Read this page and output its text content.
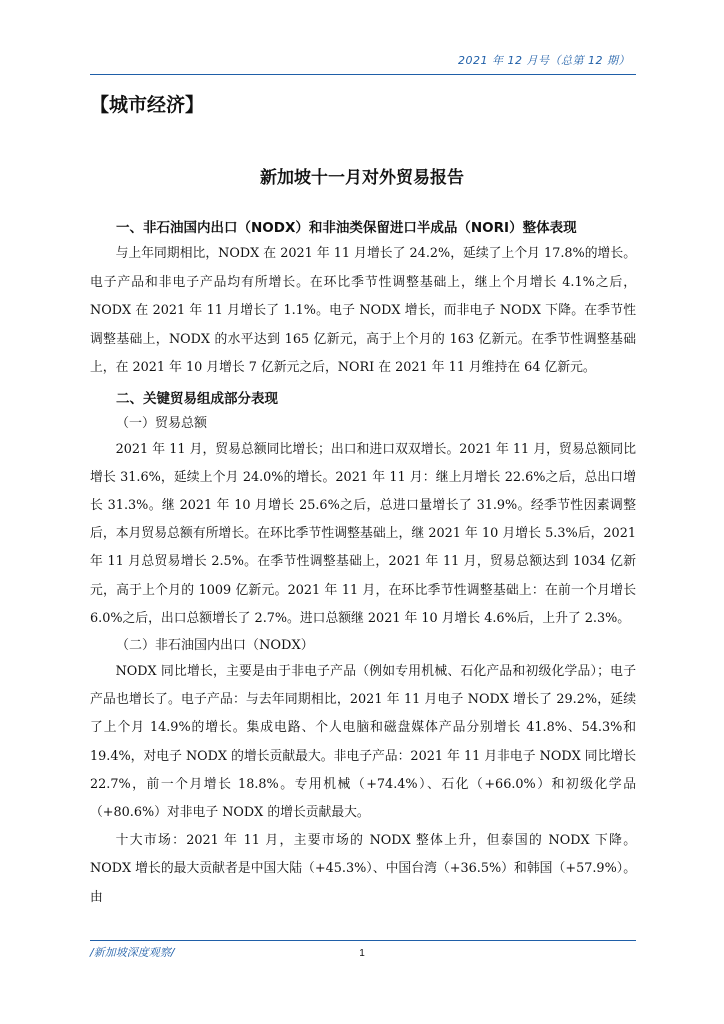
2021 年 12 月号（总第 12 期）
【城市经济】
新加坡十一月对外贸易报告

一、非石油国内出口（NODX）和非油类保留进口半成品（NORI）整体表现

与上年同期相比，NODX 在 2021 年 11 月增长了 24.2%，延续了上个月 17.8%的增长。电子产品和非电子产品均有所增长。在环比季节性调整基础上，继上个月增长 4.1%之后，NODX 在 2021 年 11 月增长了 1.1%。电子 NODX 增长，而非电子 NODX 下降。在季节性调整基础上，NODX 的水平达到 165 亿新元，高于上个月的 163 亿新元。在季节性调整基础上，在 2021 年 10 月增长 7 亿新元之后，NORI 在 2021 年 11 月维持在 64 亿新元。

二、关键贸易组成部分表现

（一）贸易总额

2021 年 11 月，贸易总额同比增长；出口和进口双双增长。2021 年 11 月，贸易总额同比增长 31.6%，延续上个月 24.0%的增长。2021 年 11 月：继上月增长 22.6%之后，总出口增长 31.3%。继 2021 年 10 月增长 25.6%之后，总进口量增长了 31.9%。经季节性因素调整后，本月贸易总额有所增长。在环比季节性调整基础上，继 2021 年 10 月增长 5.3%后，2021 年 11 月总贸易增长 2.5%。在季节性调整基础上，2021 年 11 月，贸易总额达到 1034 亿新元，高于上个月的 1009 亿新元。2021 年 11 月，在环比季节性调整基础上：在前一个月增长 6.0%之后，出口总额增长了 2.7%。进口总额继 2021 年 10 月增长 4.6%后，上升了 2.3%。

（二）非石油国内出口（NODX）

NODX 同比增长，主要是由于非电子产品（例如专用机械、石化产品和初级化学品）；电子产品也增长了。电子产品：与去年同期相比，2021 年 11 月电子 NODX 增长了 29.2%，延续了上个月 14.9%的增长。集成电路、个人电脑和磁盘媒体产品分别增长 41.8%、54.3%和 19.4%，对电子 NODX 的增长贡献最大。非电子产品：2021 年 11 月非电子 NODX 同比增长 22.7%，前一个月增长 18.8%。专用机械（+74.4%）、石化（+66.0%）和初级化学品（+80.6%）对非电子 NODX 的增长贡献最大。

十大市场：2021 年 11 月，主要市场的 NODX 整体上升，但泰国的 NODX 下降。NODX 增长的最大贡献者是中国大陆（+45.3%）、中国台湾（+36.5%）和韩国（+57.9%）。由

/新加坡深度观察/	1
